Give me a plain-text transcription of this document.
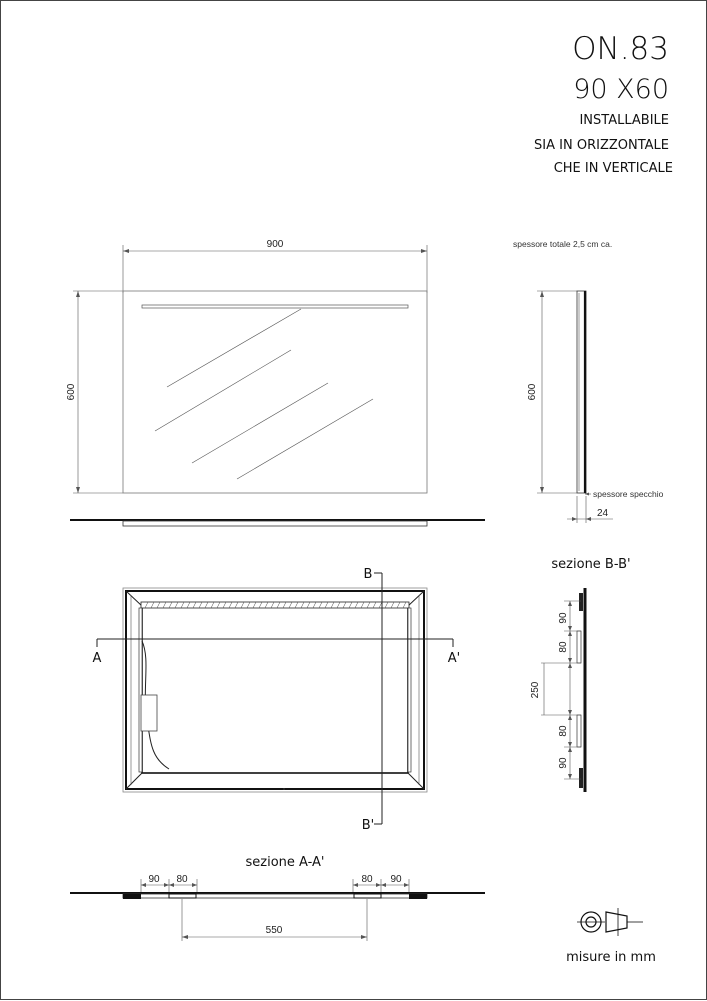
ON.83
90 X60
INSTALLABILE
SIA IN ORIZZONTALE
CHE IN VERTICALE
900
600
spessore totale 2,5 cm ca.
600
spessore specchio
24
A	A'
B
B'
sezione B-B'
90
80
250
80
90
sezione A-A'
90 80	80 90
550
misure in mm
